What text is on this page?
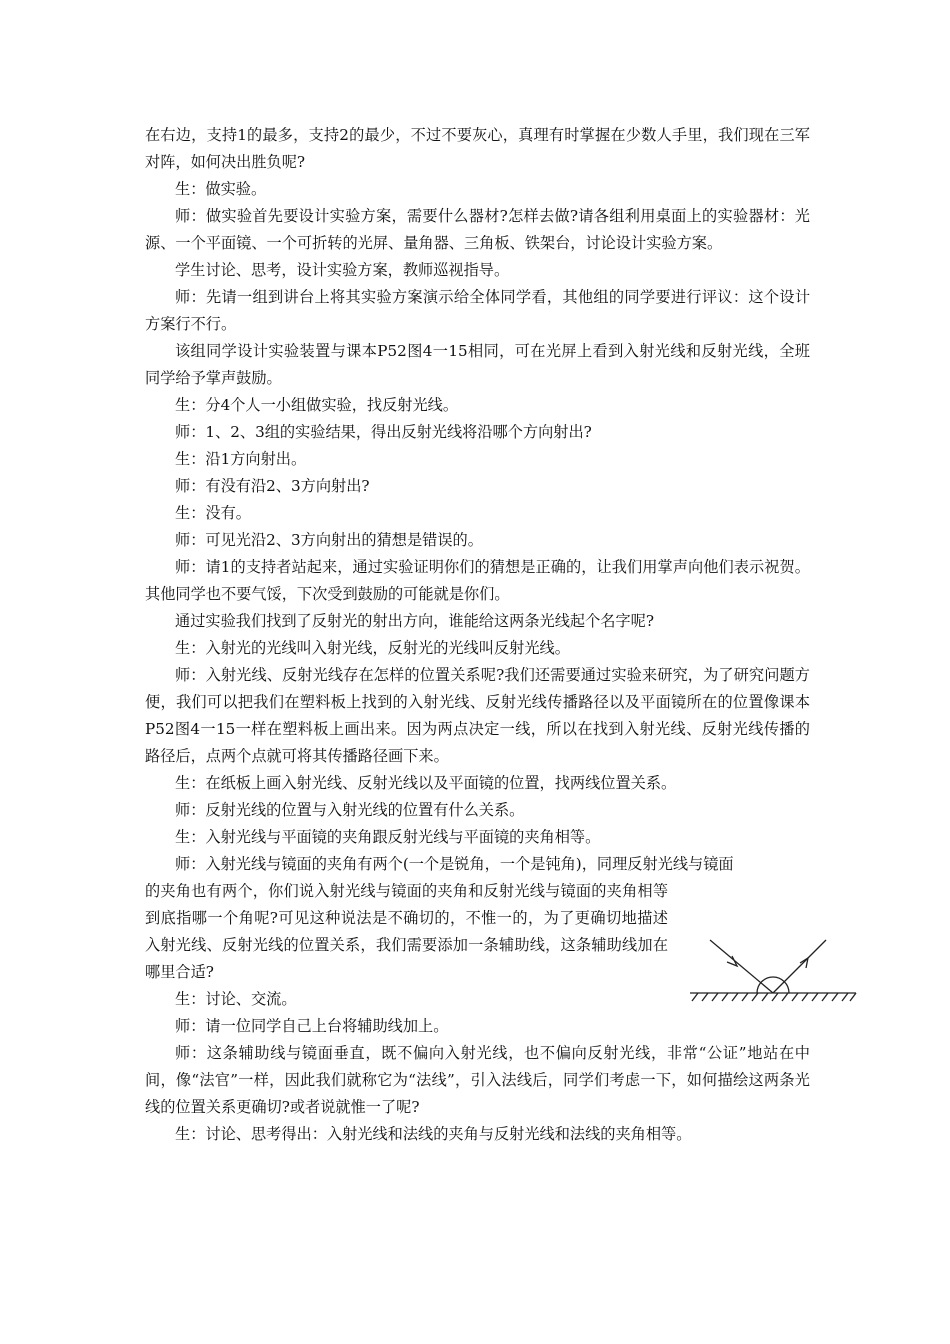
在右边，支持1的最多，支持2的最少，不过不要灰心，真理有时掌握在少数人手里，我们现在三军对阵，如何决出胜负呢?

生：做实验。

师：做实验首先要设计实验方案，需要什么器材?怎样去做?请各组利用桌面上的实验器材：光源、一个平面镜、一个可折转的光屏、量角器、三角板、铁架台，讨论设计实验方案。

学生讨论、思考，设计实验方案，教师巡视指导。

师：先请一组到讲台上将其实验方案演示给全体同学看，其他组的同学要进行评议：这个设计方案行不行。

该组同学设计实验装置与课本P52图4一15相同，可在光屏上看到入射光线和反射光线，全班同学给予掌声鼓励。

生：分4个人一小组做实验，找反射光线。

师：1、2、3组的实验结果，得出反射光线将沿哪个方向射出?

生：沿1方向射出。

师：有没有沿2、3方向射出?

生：没有。

师：可见光沿2、3方向射出的猜想是错误的。

师：请1的支持者站起来，通过实验证明你们的猜想是正确的，让我们用掌声向他们表示祝贺。其他同学也不要气馁，下次受到鼓励的可能就是你们。

通过实验我们找到了反射光的射出方向，谁能给这两条光线起个名字呢?

生：入射光的光线叫入射光线，反射光的光线叫反射光线。

师：入射光线、反射光线存在怎样的位置关系呢?我们还需要通过实验来研究，为了研究问题方便，我们可以把我们在塑料板上找到的入射光线、反射光线传播路径以及平面镜所在的位置像课本P52图4一15一样在塑料板上画出来。因为两点决定一线，所以在找到入射光线、反射光线传播的路径后，点两个点就可将其传播路径画下来。

生：在纸板上画入射光线、反射光线以及平面镜的位置，找两线位置关系。

师：反射光线的位置与入射光线的位置有什么关系。

生：入射光线与平面镜的夹角跟反射光线与平面镜的夹角相等。

师：入射光线与镜面的夹角有两个(一个是锐角，一个是钝角)，同理反射光线与镜面

的夹角也有两个，你们说入射光线与镜面的夹角和反射光线与镜面的夹角相等到底指哪一个角呢?可见这种说法是不确切的，不惟一的，为了更确切地描述入射光线、反射光线的位置关系，我们需要添加一条辅助线，这条辅助线加在哪里合适?

生：讨论、交流。

师：请一位同学自己上台将辅助线加上。

师：这条辅助线与镜面垂直，既不偏向入射光线，也不偏向反射光线，非常“公证”地站在中间，像“法官”一样，因此我们就称它为“法线”，引入法线后，同学们考虑一下，如何描绘这两条光线的位置关系更确切?或者说就惟一了呢?

生：讨论、思考得出：入射光线和法线的夹角与反射光线和法线的夹角相等。
